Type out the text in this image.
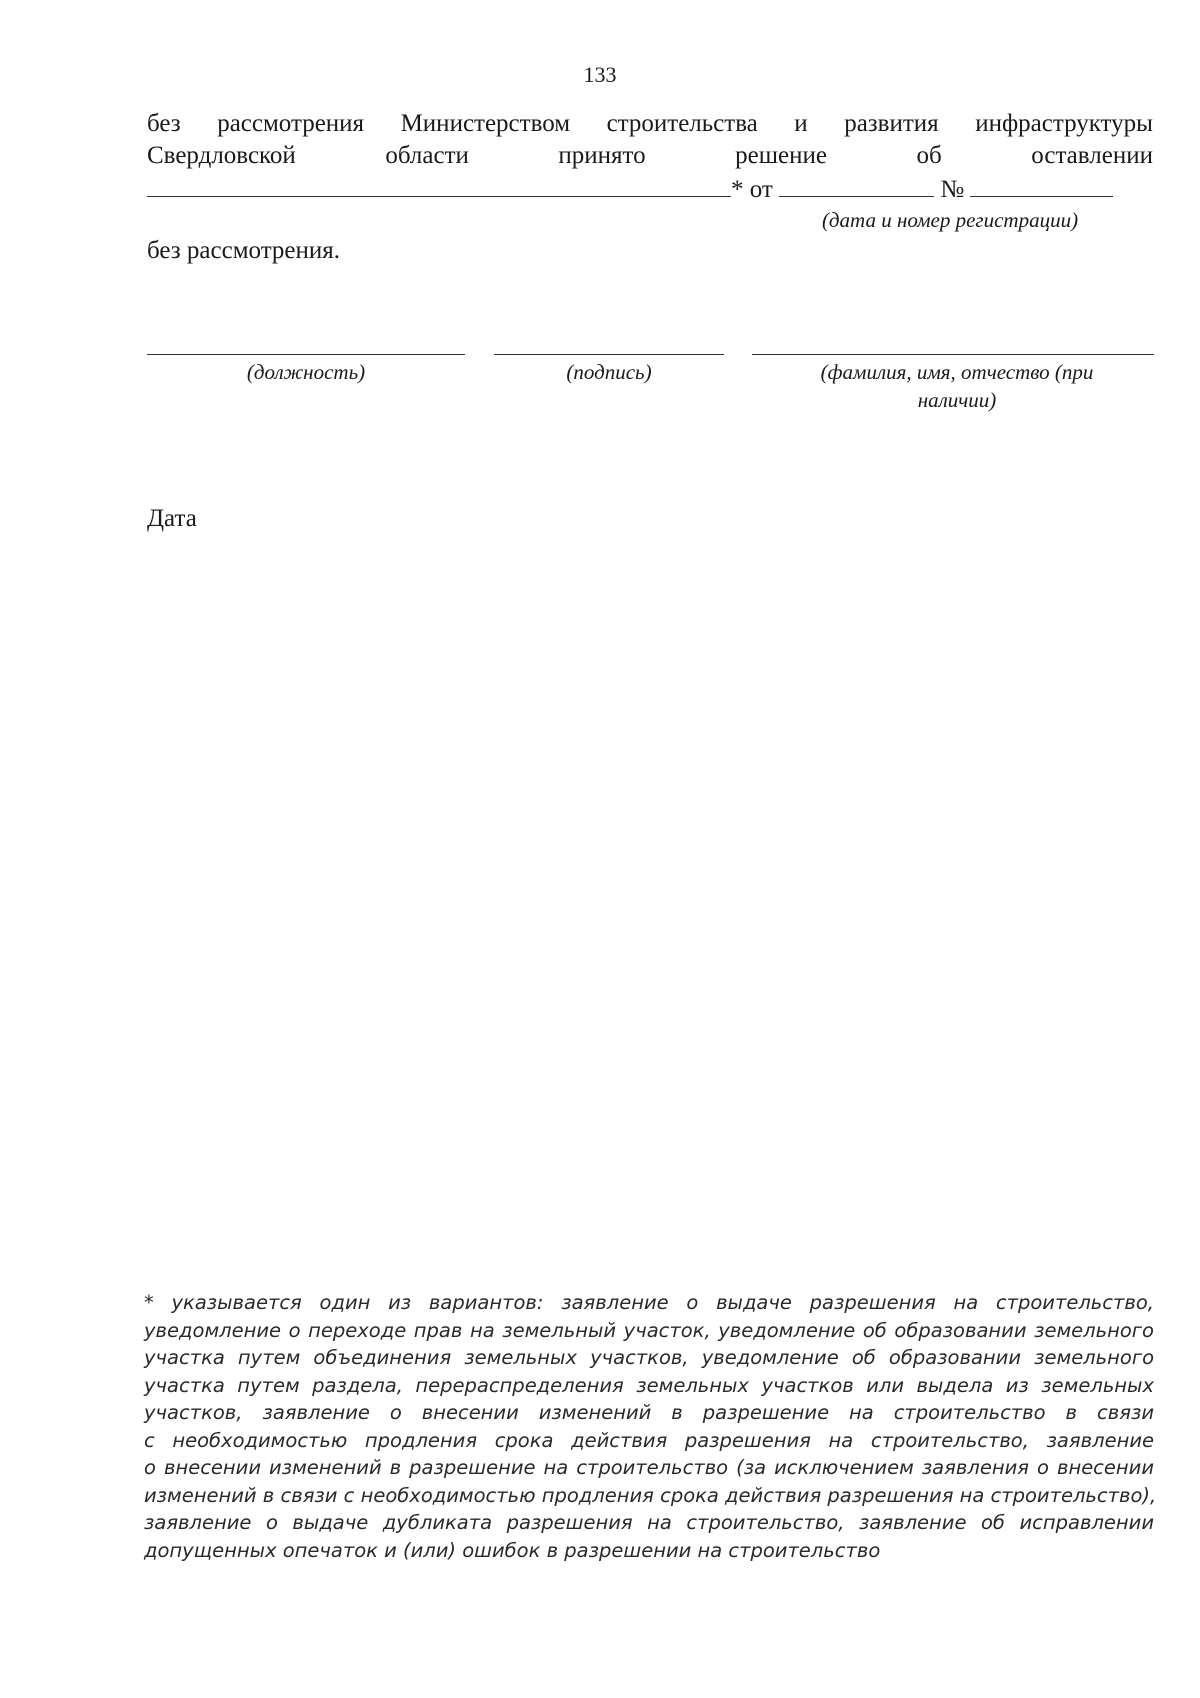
133
без рассмотрения Министерством строительства и развития инфраструктуры
Свердловской	области	принято	решение	об	оставлении
* от	№
(дата и номер регистрации)
без рассмотрения.
(должность)	(подпись)	(фамилия, имя, отчество (при наличии)
Дата
* указывается один из вариантов: заявление о выдаче разрешения на строительство,
уведомление о переходе прав на земельный участок, уведомление об образовании земельного
участка путем объединения земельных участков, уведомление об образовании земельного
участка путем раздела, перераспределения земельных участков или выдела из земельных
участков, заявление о внесении изменений в разрешение на строительство в связи
с необходимостью продления срока действия разрешения на строительство, заявление
о внесении изменений в разрешение на строительство (за исключением заявления о внесении
изменений в связи с необходимостью продления срока действия разрешения на строительство),
заявление о выдаче дубликата разрешения на строительство, заявление об исправлении
допущенных опечаток и (или) ошибок в разрешении на строительство
